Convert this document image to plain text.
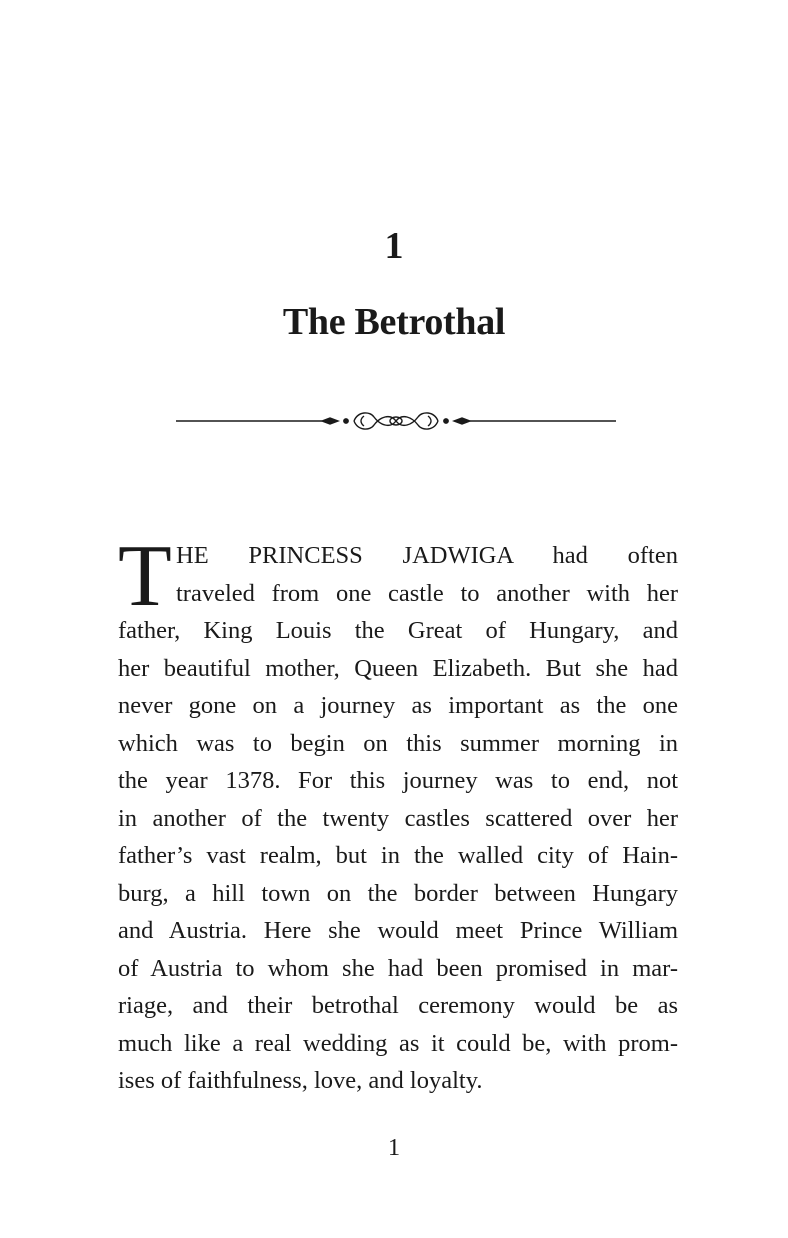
1
The Betrothal
T HE PRINCESS JADWIGA had often
traveled from one castle to another with her
father, King Louis the Great of Hungary, and
her beautiful mother, Queen Elizabeth. But she had
never gone on a journey as important as the one
which was to begin on this summer morning in
the year 1378. For this journey was to end, not
in another of the twenty castles scattered over her
father’s vast realm, but in the walled city of Hain-
burg, a hill town on the border between Hungary
and Austria. Here she would meet Prince William
of Austria to whom she had been promised in mar-
riage, and their betrothal ceremony would be as
much like a real wedding as it could be, with prom-
ises of faithfulness, love, and loyalty.
1
